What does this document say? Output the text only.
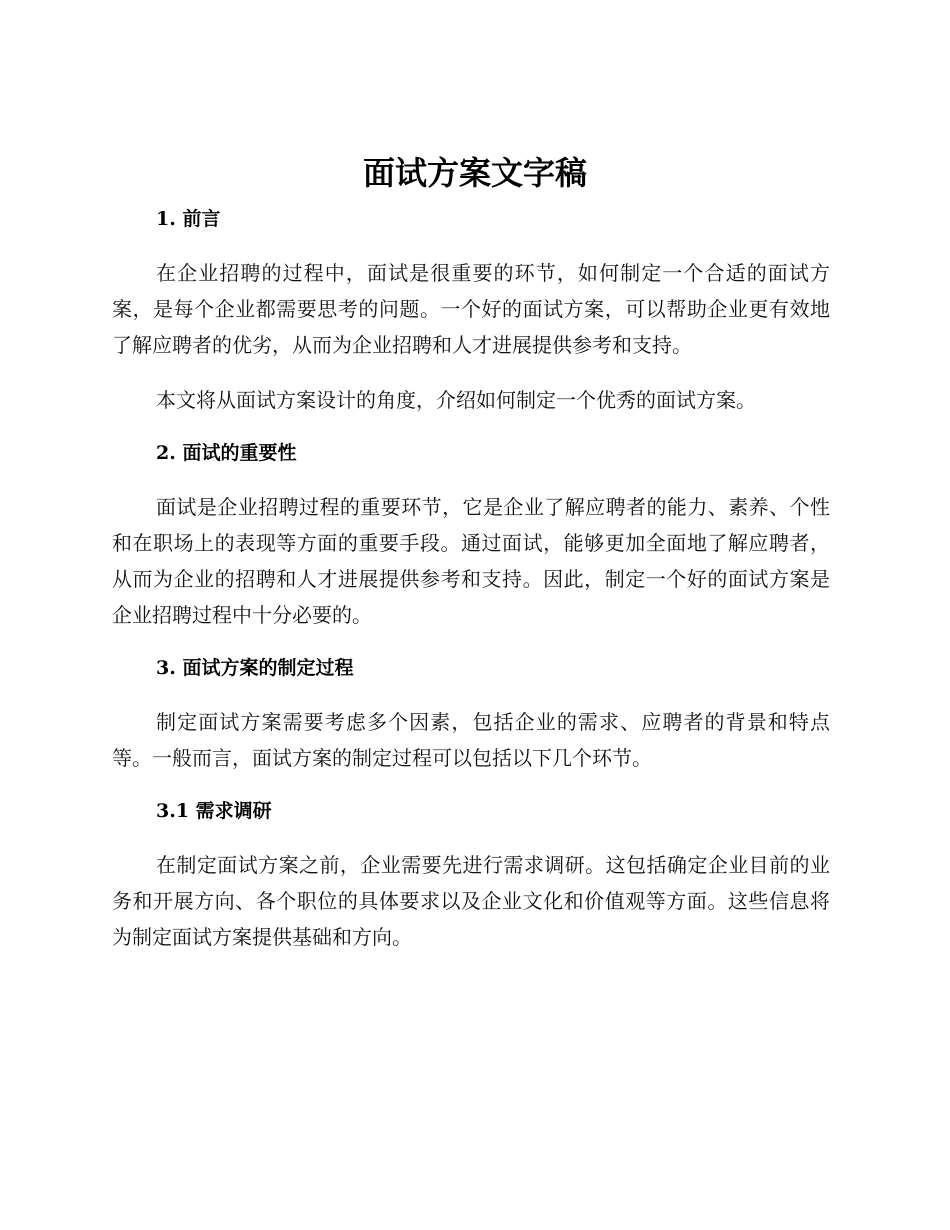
面试方案文字稿
1. 前言

在企业招聘的过程中，面试是很重要的环节，如何制定一个合适的面试方案，是每个企业都需要思考的问题。一个好的面试方案，可以帮助企业更有效地了解应聘者的优劣，从而为企业招聘和人才进展提供参考和支持。

本文将从面试方案设计的角度，介绍如何制定一个优秀的面试方案。

2. 面试的重要性

面试是企业招聘过程的重要环节，它是企业了解应聘者的能力、素养、个性和在职场上的表现等方面的重要手段。通过面试，能够更加全面地了解应聘者，从而为企业的招聘和人才进展提供参考和支持。因此，制定一个好的面试方案是企业招聘过程中十分必要的。

3. 面试方案的制定过程

制定面试方案需要考虑多个因素，包括企业的需求、应聘者的背景和特点等。一般而言，面试方案的制定过程可以包括以下几个环节。

3.1 需求调研

在制定面试方案之前，企业需要先进行需求调研。这包括确定企业目前的业务和开展方向、各个职位的具体要求以及企业文化和价值观等方面。这些信息将为制定面试方案提供基础和方向。
